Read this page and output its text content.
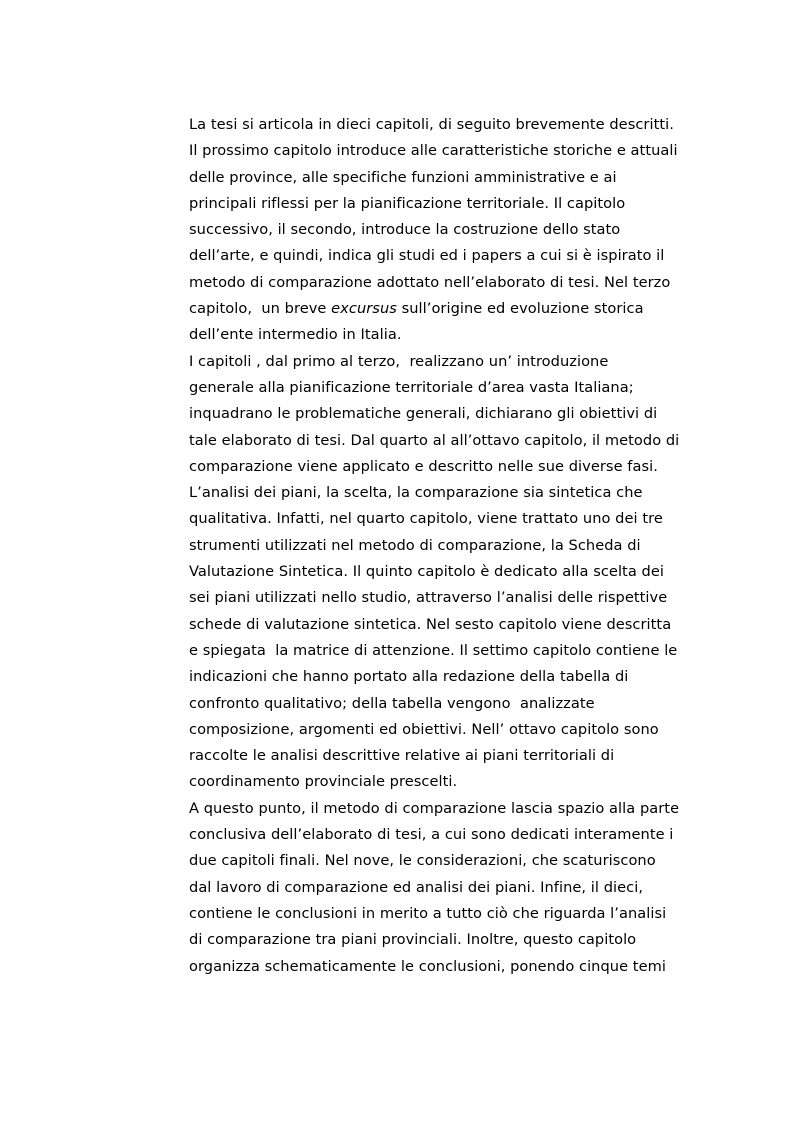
La tesi si articola in dieci capitoli, di seguito brevemente descritti.
Il prossimo capitolo introduce alle caratteristiche storiche e attuali
delle province, alle specifiche funzioni amministrative e ai
principali riflessi per la pianificazione territoriale. Il capitolo
successivo, il secondo, introduce la costruzione dello stato
dell’arte, e quindi, indica gli studi ed i papers a cui si è ispirato il
metodo di comparazione adottato nell’elaborato di tesi. Nel terzo
capitolo,  un breve excursus sull’origine ed evoluzione storica
dell’ente intermedio in Italia.
I capitoli , dal primo al terzo,  realizzano un’ introduzione
generale alla pianificazione territoriale d’area vasta Italiana;
inquadrano le problematiche generali, dichiarano gli obiettivi di
tale elaborato di tesi. Dal quarto al all’ottavo capitolo, il metodo di
comparazione viene applicato e descritto nelle sue diverse fasi.
L’analisi dei piani, la scelta, la comparazione sia sintetica che
qualitativa. Infatti, nel quarto capitolo, viene trattato uno dei tre
strumenti utilizzati nel metodo di comparazione, la Scheda di
Valutazione Sintetica. Il quinto capitolo è dedicato alla scelta dei
sei piani utilizzati nello studio, attraverso l’analisi delle rispettive
schede di valutazione sintetica. Nel sesto capitolo viene descritta
e spiegata  la matrice di attenzione. Il settimo capitolo contiene le
indicazioni che hanno portato alla redazione della tabella di
confronto qualitativo; della tabella vengono  analizzate
composizione, argomenti ed obiettivi. Nell’ ottavo capitolo sono
raccolte le analisi descrittive relative ai piani territoriali di
coordinamento provinciale prescelti.
A questo punto, il metodo di comparazione lascia spazio alla parte
conclusiva dell’elaborato di tesi, a cui sono dedicati interamente i
due capitoli finali. Nel nove, le considerazioni, che scaturiscono
dal lavoro di comparazione ed analisi dei piani. Infine, il dieci,
contiene le conclusioni in merito a tutto ciò che riguarda l’analisi
di comparazione tra piani provinciali. Inoltre, questo capitolo
organizza schematicamente le conclusioni, ponendo cinque temi
